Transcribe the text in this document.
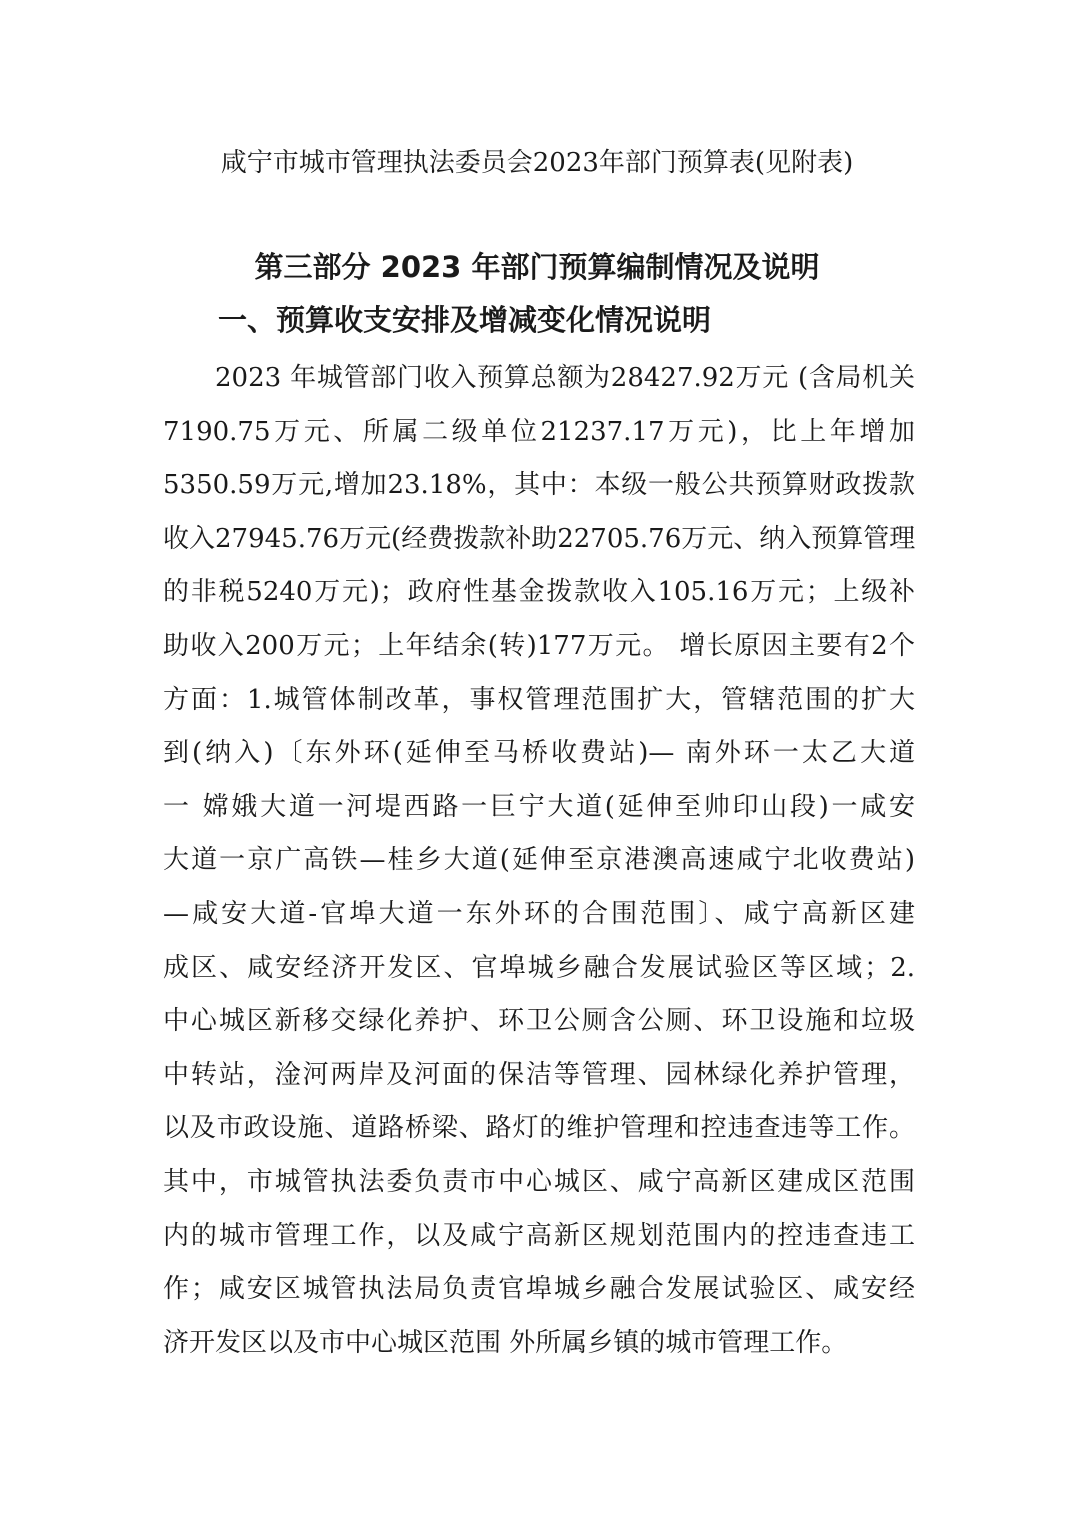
咸宁市城市管理执法委员会2023年部门预算表(见附表)
第三部分 2023 年部门预算编制情况及说明
一、预算收支安排及增减变化情况说明
2023 年城管部门收入预算总额为28427.92万元 (含局机关
7190.75万元、所属二级单位21237.17万元)，比上年增加
5350.59万元,增加23.18%，其中：本级一般公共预算财政拨款
收入27945.76万元(经费拨款补助22705.76万元、纳入预算管理
的非税5240万元)；政府性基金拨款收入105.16万元；上级补
助收入200万元；上年结余(转)177万元。 增长原因主要有2个
方面：1.城管体制改革，事权管理范围扩大，管辖范围的扩大
到(纳入)〔东外环(延伸至马桥收费站)— 南外环一太乙大道
一 嫦娥大道一河堤西路一巨宁大道(延伸至帅印山段)一咸安
大道一京广高铁—桂乡大道(延伸至京港澳高速咸宁北收费站)
—咸安大道-官埠大道一东外环的合围范围〕、咸宁高新区建
成区、咸安经济开发区、官埠城乡融合发展试验区等区域；2.
中心城区新移交绿化养护、环卫公厕含公厕、环卫设施和垃圾
中转站，淦河两岸及河面的保洁等管理、园林绿化养护管理，
以及市政设施、道路桥梁、路灯的维护管理和控违查违等工作。
其中，市城管执法委负责市中心城区、咸宁高新区建成区范围
内的城市管理工作，以及咸宁高新区规划范围内的控违查违工
作；咸安区城管执法局负责官埠城乡融合发展试验区、咸安经
济开发区以及市中心城区范围 外所属乡镇的城市管理工作。
